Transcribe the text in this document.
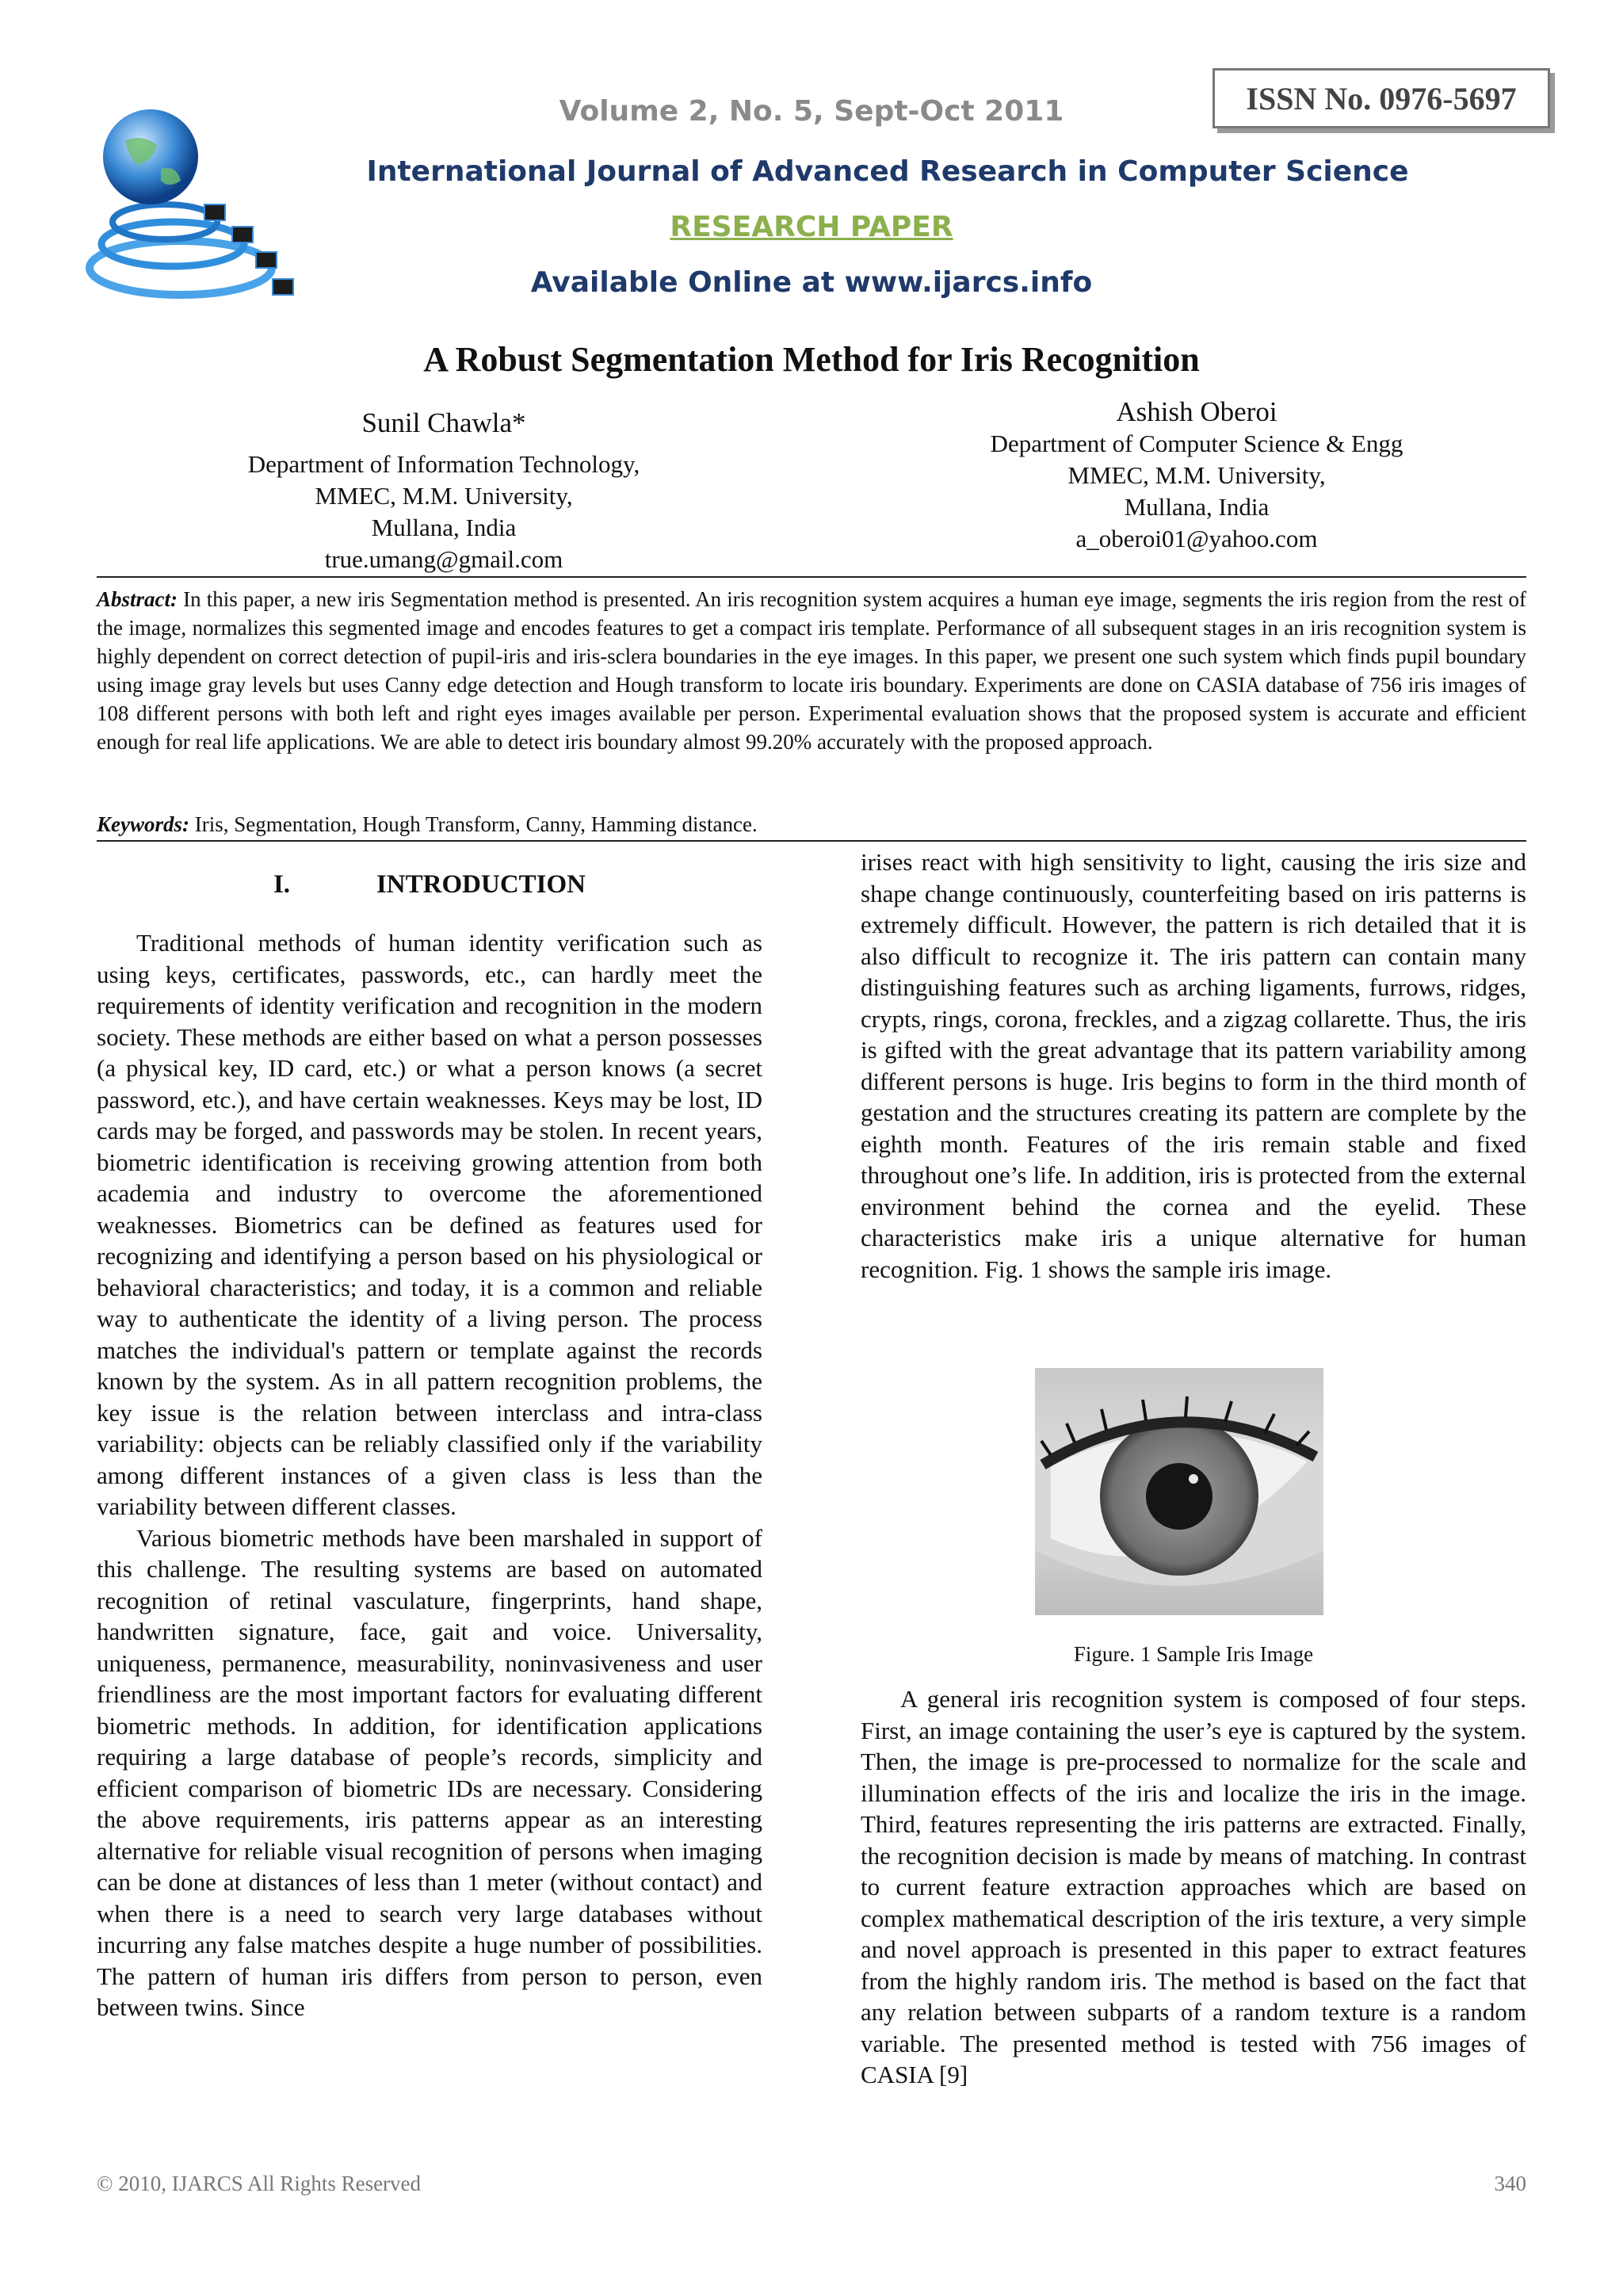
ISSN No. 0976-5697
Volume 2, No. 5, Sept-Oct 2011
International Journal of Advanced Research in Computer Science
RESEARCH PAPER
Available Online at www.ijarcs.info
A Robust Segmentation Method for Iris Recognition
Sunil Chawla*
Department of Information Technology,
MMEC, M.M. University,
Mullana, India
true.umang@gmail.com
Ashish Oberoi
Department of Computer Science & Engg
MMEC, M.M. University,
Mullana, India
a_oberoi01@yahoo.com
Abstract: In this paper, a new iris Segmentation method is presented. An iris recognition system acquires a human eye image, segments the iris region from the rest of the image, normalizes this segmented image and encodes features to get a compact iris template. Performance of all subsequent stages in an iris recognition system is highly dependent on correct detection of pupil-iris and iris-sclera boundaries in the eye images. In this paper, we present one such system which finds pupil boundary using image gray levels but uses Canny edge detection and Hough transform to locate iris boundary. Experiments are done on CASIA database of 756 iris images of 108 different persons with both left and right eyes images available per person. Experimental evaluation shows that the proposed system is accurate and efficient enough for real life applications. We are able to detect iris boundary almost 99.20% accurately with the proposed approach.
Keywords: Iris, Segmentation, Hough Transform, Canny, Hamming distance.
I.	INTRODUCTION

Traditional methods of human identity verification such as using keys, certificates, passwords, etc., can hardly meet the requirements of identity verification and recognition in the modern society. These methods are either based on what a person possesses (a physical key, ID card, etc.) or what a person knows (a secret password, etc.), and have certain weaknesses. Keys may be lost, ID cards may be forged, and passwords may be stolen. In recent years, biometric identification is receiving growing attention from both academia and industry to overcome the aforementioned weaknesses. Biometrics can be defined as features used for recognizing and identifying a person based on his physiological or behavioral characteristics; and today, it is a common and reliable way to authenticate the identity of a living person. The process matches the individual's pattern or template against the records known by the system. As in all pattern recognition problems, the key issue is the relation between interclass and intra-class variability: objects can be reliably classified only if the variability among different instances of a given class is less than the variability between different classes.

Various biometric methods have been marshaled in support of this challenge. The resulting systems are based on automated recognition of retinal vasculature, fingerprints, hand shape, handwritten signature, face, gait and voice. Universality, uniqueness, permanence, measurability, noninvasiveness and user friendliness are the most important factors for evaluating different biometric methods. In addition, for identification applications requiring a large database of people’s records, simplicity and efficient comparison of biometric IDs are necessary. Considering the above requirements, iris patterns appear as an interesting alternative for reliable visual recognition of persons when imaging can be done at distances of less than 1 meter (without contact) and when there is a need to search very large databases without incurring any false matches despite a huge number of possibilities. The pattern of human iris differs from person to person, even between twins. Since

irises react with high sensitivity to light, causing the iris size and shape change continuously, counterfeiting based on iris patterns is extremely difficult. However, the pattern is rich detailed that it is also difficult to recognize it. The iris pattern can contain many distinguishing features such as arching ligaments, furrows, ridges, crypts, rings, corona, freckles, and a zigzag collarette. Thus, the iris is gifted with the great advantage that its pattern variability among different persons is huge. Iris begins to form in the third month of gestation and the structures creating its pattern are complete by the eighth month. Features of the iris remain stable and fixed throughout one’s life. In addition, iris is protected from the external environment behind the cornea and the eyelid. These characteristics make iris a unique alternative for human recognition. Fig. 1 shows the sample iris image.

Figure. 1 Sample Iris Image

A general iris recognition system is composed of four steps. First, an image containing the user’s eye is captured by the system. Then, the image is pre-processed to normalize for the scale and illumination effects of the iris and localize the iris in the image. Third, features representing the iris patterns are extracted. Finally, the recognition decision is made by means of matching. In contrast to current feature extraction approaches which are based on complex mathematical description of the iris texture, a very simple and novel approach is presented in this paper to extract features from the highly random iris. The method is based on the fact that any relation between subparts of a random texture is a random variable. The presented method is tested with 756 images of CASIA [9]

© 2010, IJARCS All Rights Reserved	340
